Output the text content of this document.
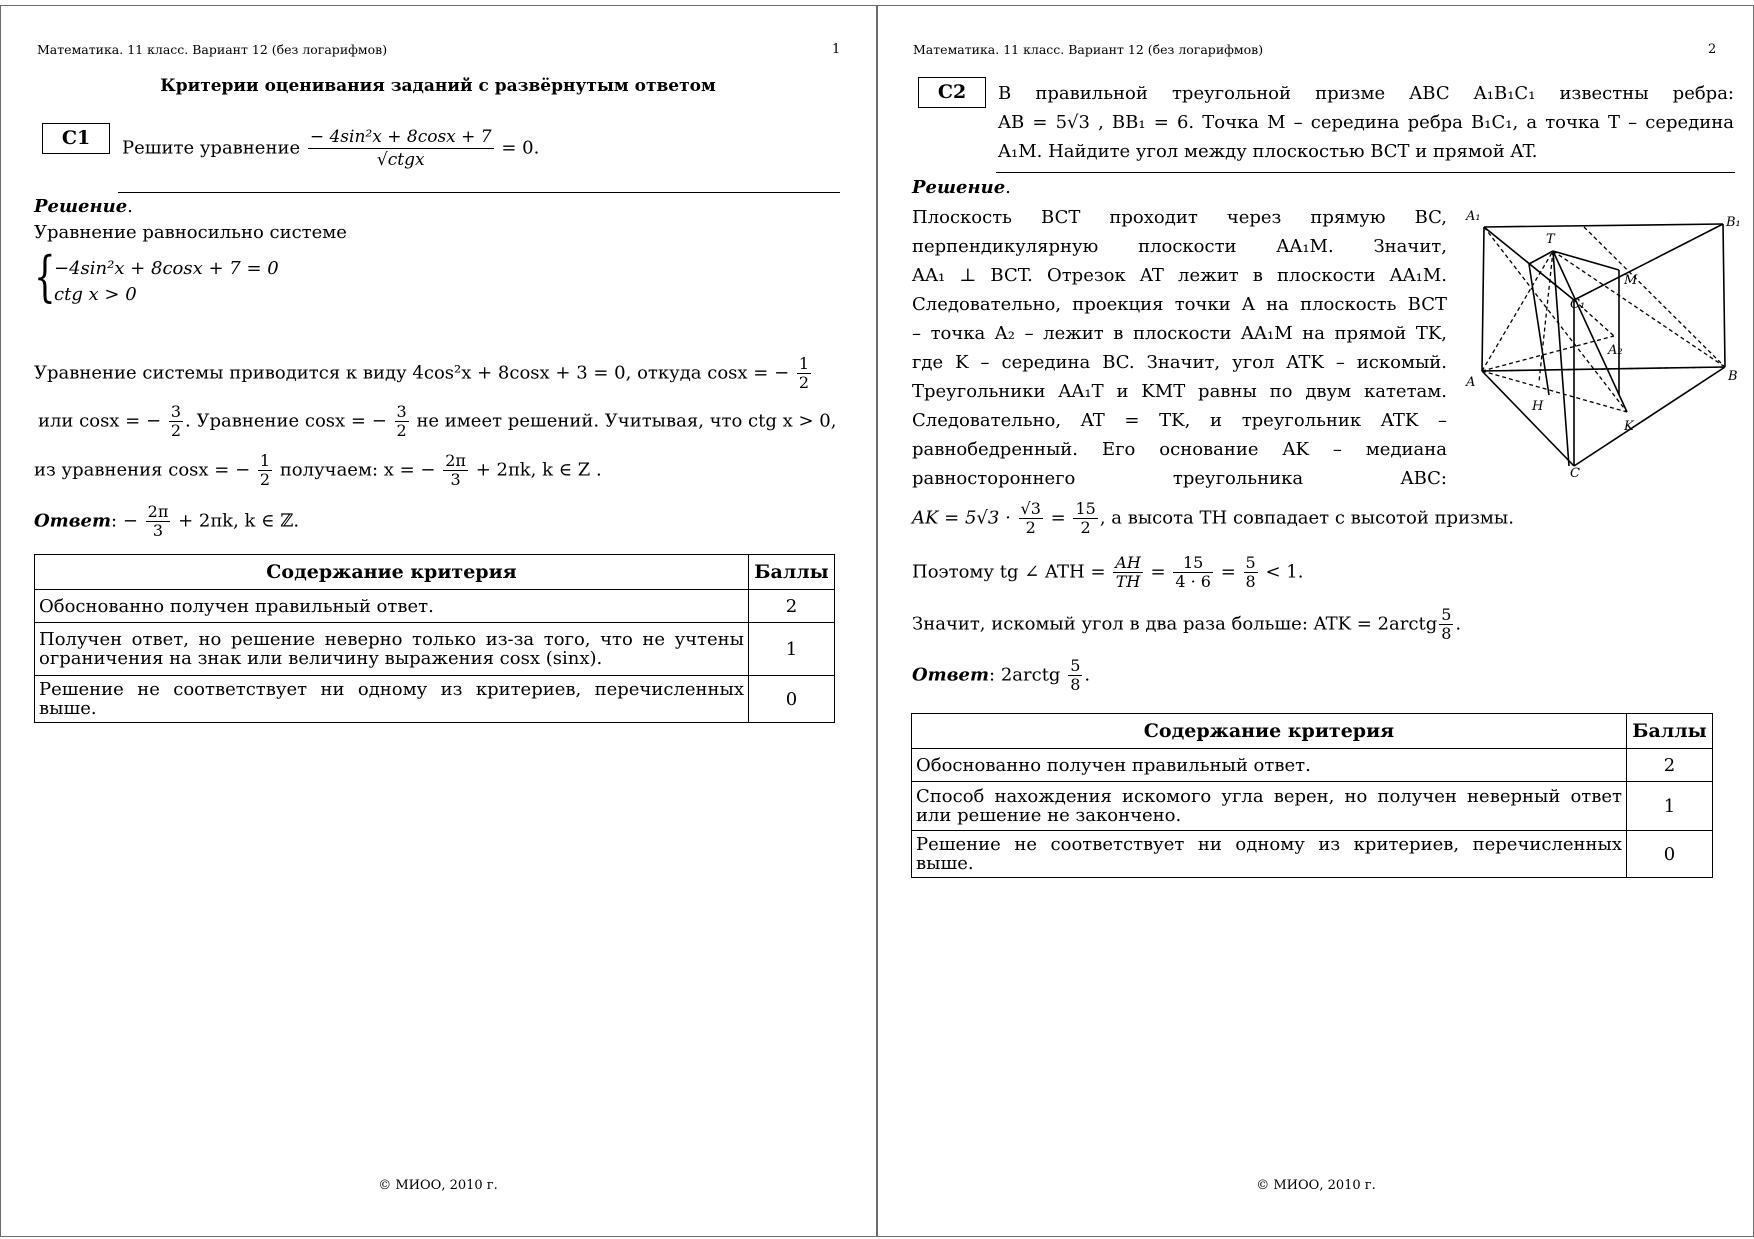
Математика. 11 класс. Вариант 12 (без логарифмов)	1
Критерии оценивания заданий с развёрнутым ответом
C1	Решите уравнение $\frac{\text{− 4sin²x + 8cosx + 7}}{\text{√ctgx}} = 0$.
Решение.
Уравнение равносильно системе
{
−4sin²x + 8cosx + 7 = 0
ctg x > 0
Уравнение системы приводится к виду 4cos²x + 8cosx + 3 = 0, откуда cosx = − $\frac{1}{2}$
или cosx = − $\frac{3}{2}$ . Уравнение cosx = − $\frac{3}{2}$ не имеет решений. Учитывая, что ctg x > 0,
из уравнения cosx = − $\frac{1}{2}$ получаем: x = − $\frac{2\pi}{3} + 2\pi k$, k ∈ Z .
Ответ: − $\frac{2\pi}{3} + 2\pi k$, k ∈ ℤ.
Содержание критерия	Баллы
Обоснованно получен правильный ответ.	2
Получен ответ, но решение неверно только из-за того, что не учтены ограничения на знак или величину выражения cosx (sinx).	1
Решение не соответствует ни одному из критериев, перечисленных выше.	0
© МИОО, 2010 г.
Математика. 11 класс. Вариант 12 (без логарифмов)	2
C2	В правильной треугольной призме ABC A₁B₁C₁ известны ребра:
AB = 5√3 , BB₁ = 6. Точка M – середина ребра B₁C₁, а точка T – середина
A₁M. Найдите угол между плоскостью BCT и прямой AT.
Решение.
Плоскость BCT проходит через прямую BC,
перпендикулярную плоскости AA₁M. Значит,
AA₁ ⊥ BCT. Отрезок AT лежит в плоскости AA₁M.
Следовательно, проекция точки A на плоскость BCT
– точка A₂ – лежит в плоскости AA₁M на прямой TK,
где K – середина BC. Значит, угол ATK – искомый.
Треугольники AA₁T и KMT равны по двум катетам.
Следовательно, AT = TK, и треугольник ATK –
равнобедренный. Его основание AK – медиана
равностороннего треугольника ABC:
A₁	B₁
T
M
C₁
A₂
A	B
H
K
C
AK = $5√3 \cdot \frac{√3}{2} = \frac{15}{2}$ , а высота TH совпадает с высотой призмы.
Поэтому tg ∠ ATH = $\frac{AH}{TH} = \frac{15}{4 \cdot 6} = \frac{5}{8} < 1$.
Значит, искомый угол в два раза больше: ATK = 2arctg $\frac{5}{8}$ .
Ответ: 2arctg $\frac{5}{8}$ .
Содержание критерия	Баллы
Обоснованно получен правильный ответ.	2
Способ нахождения искомого угла верен, но получен неверный ответ или решение не закончено.	1
Решение не соответствует ни одному из критериев, перечисленных выше.	0
© МИОО, 2010 г.
